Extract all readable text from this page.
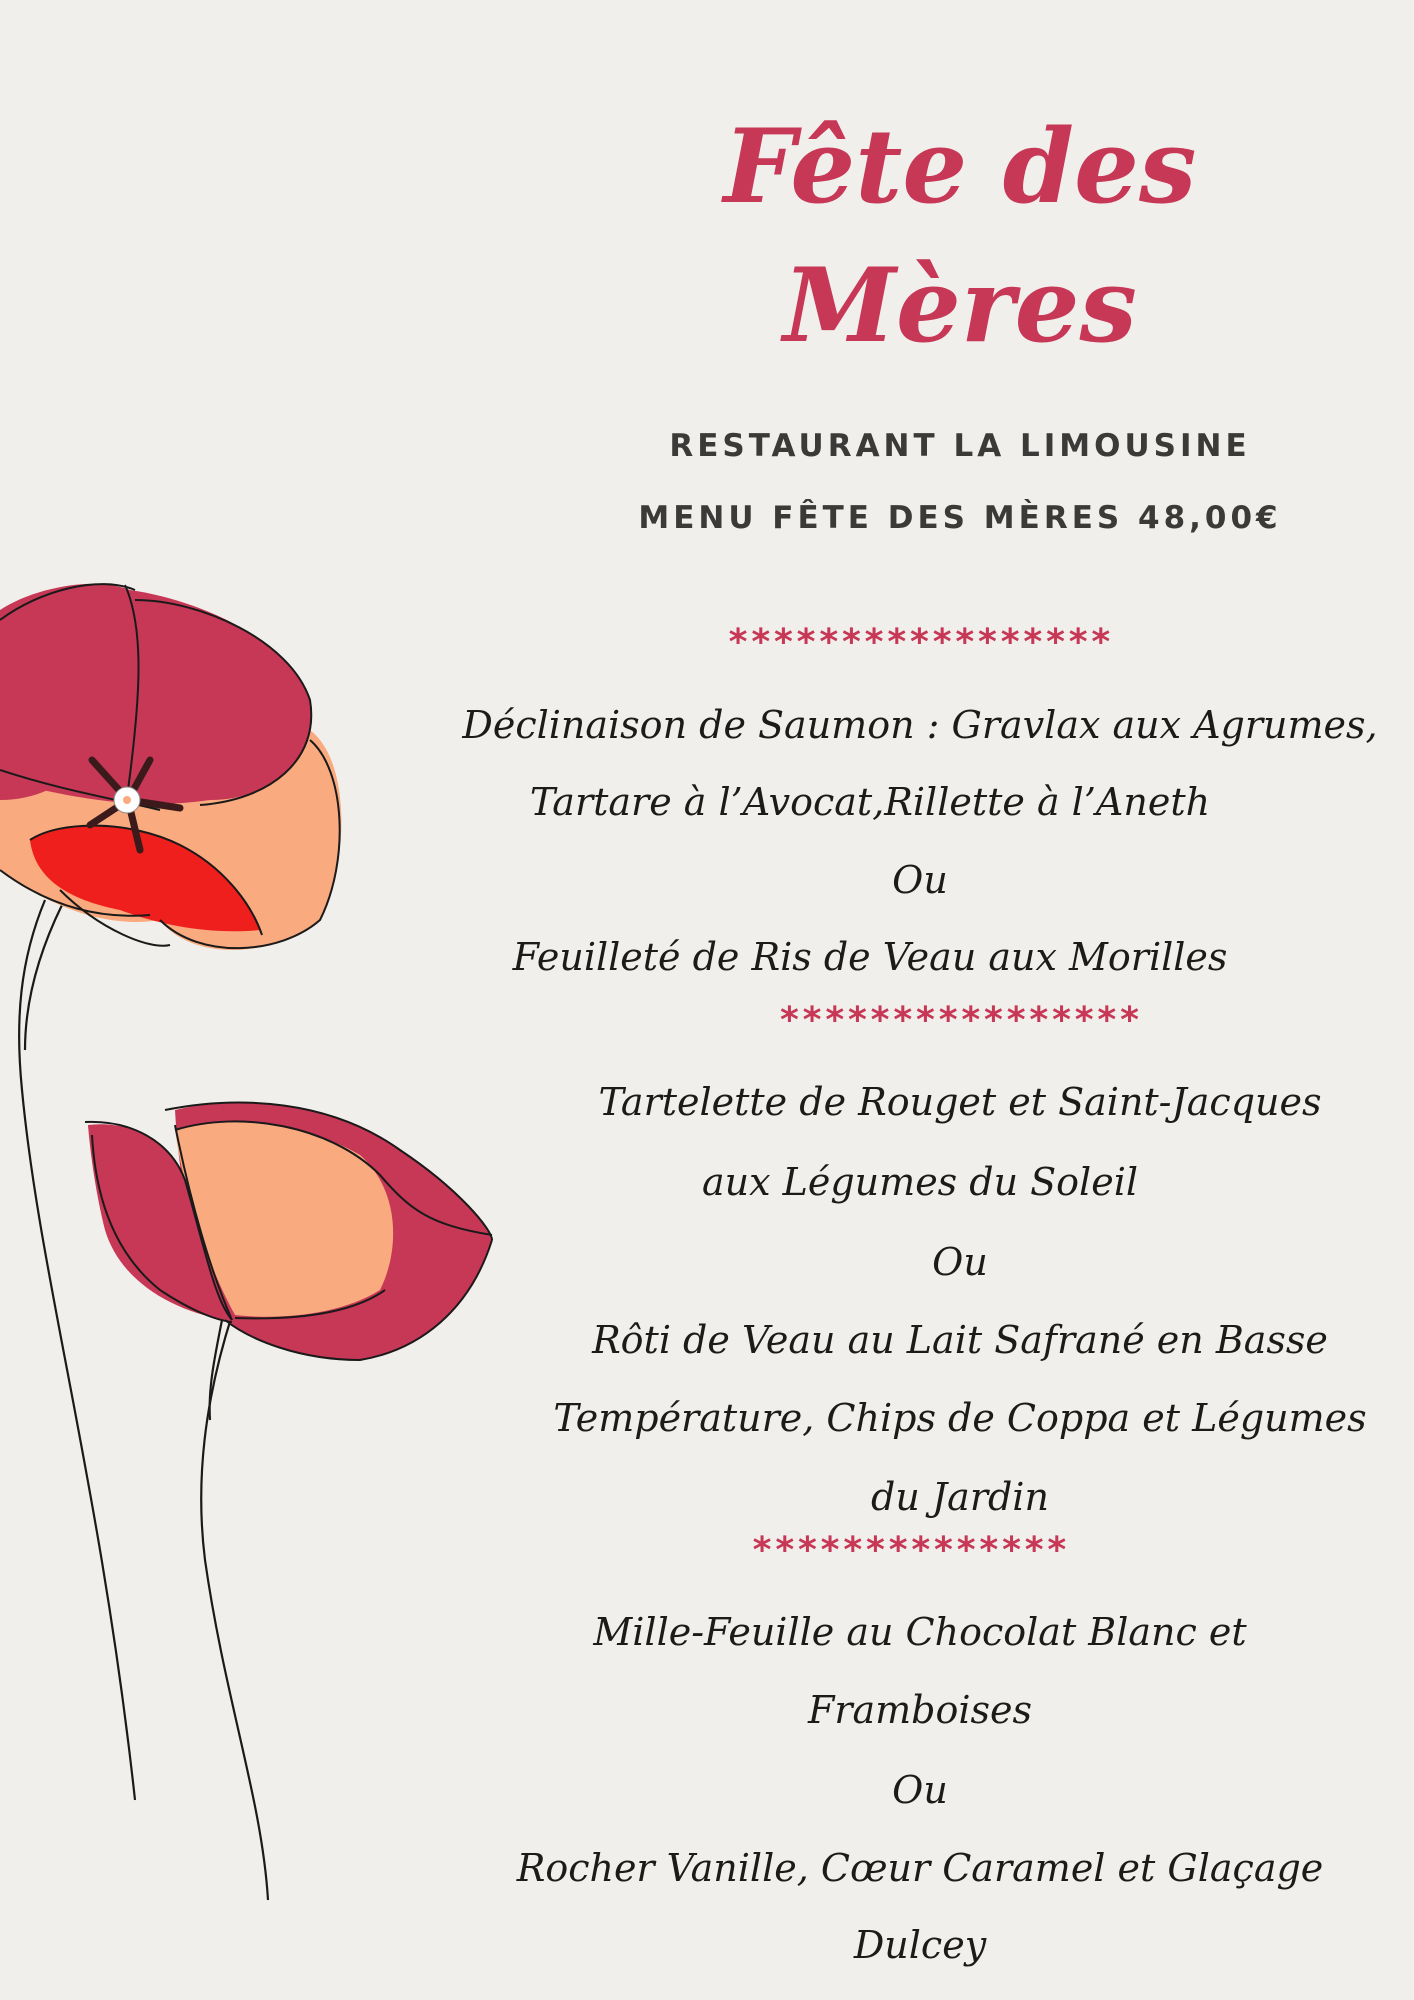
Fête des
Mères

RESTAURANT LA LIMOUSINE

MENU FÊTE DES MÈRES 48,00€

*****************
Déclinaison de Saumon : Gravlax aux Agrumes,
Tartare à l’Avocat,Rillette à l’Aneth
Ou
Feuilleté de Ris de Veau aux Morilles
****************
Tartelette de Rouget et Saint-Jacques
aux Légumes du Soleil
Ou
Rôti de Veau au Lait Safrané en Basse
Température, Chips de Coppa et Légumes
du Jardin
**************
Mille-Feuille au Chocolat Blanc et
Framboises
Ou
Rocher Vanille, Cœur Caramel et Glaçage
Dulcey
